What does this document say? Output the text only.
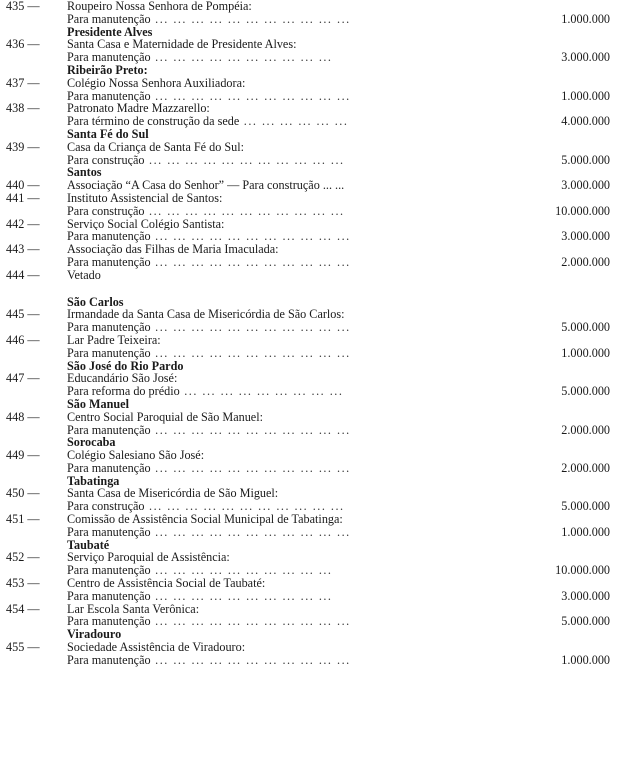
435 —	Roupeiro Nossa Senhora de Pompéia:
Para manutenção ... ... ... ... ... ... ... ... ... ... ...	1.000.000
Presidente Alves
436 —	Santa Casa e Maternidade de Presidente Alves:
Para manutenção ... ... ... ... ... ... ... ... ... ...	3.000.000
Ribeirão Preto:
437 —	Colégio Nossa Senhora Auxiliadora:
Para manutenção ... ... ... ... ... ... ... ... ... ... ...	1.000.000
438 —	Patronato Madre Mazzarello:
Para término de construção da sede ... ... ... ... ... ...	4.000.000
Santa Fé do Sul
439 —	Casa da Criança de Santa Fé do Sul:
Para construção ... ... ... ... ... ... ... ... ... ... ...	5.000.000
Santos
440 —	Associação “A Casa do Senhor” — Para construção ... ...	3.000.000
441 —	Instituto Assistencial de Santos:
Para construção ... ... ... ... ... ... ... ... ... ... ...	10.000.000
442 —	Serviço Social Colégio Santista:
Para manutenção ... ... ... ... ... ... ... ... ... ... ...	3.000.000
443 —	Associação das Filhas de Maria Imaculada:
Para manutenção ... ... ... ... ... ... ... ... ... ... ...	2.000.000
444 —	Vetado
São Carlos
445 —	Irmandade da Santa Casa de Misericórdia de São Carlos:
Para manutenção ... ... ... ... ... ... ... ... ... ... ...	5.000.000
446 —	Lar Padre Teixeira:
Para manutenção ... ... ... ... ... ... ... ... ... ... ...	1.000.000
São José do Rio Pardo
447 —	Educandário São José:
Para reforma do prédio ... ... ... ... ... ... ... ... ...	5.000.000
São Manuel
448 —	Centro Social Paroquial de São Manuel:
Para manutenção ... ... ... ... ... ... ... ... ... ... ...	2.000.000
Sorocaba
449 —	Colégio Salesiano São José:
Para manutenção ... ... ... ... ... ... ... ... ... ... ...	2.000.000
Tabatinga
450 —	Santa Casa de Misericórdia de São Miguel:
Para construção ... ... ... ... ... ... ... ... ... ... ...	5.000.000
451 —	Comissão de Assistência Social Municipal de Tabatinga:
Para manutenção ... ... ... ... ... ... ... ... ... ... ...	1.000.000
Taubaté
452 —	Serviço Paroquial de Assistência:
Para manutenção ... ... ... ... ... ... ... ... ... ...	10.000.000
453 —	Centro de Assistência Social de Taubaté:
Para manutenção ... ... ... ... ... ... ... ... ... ...	3.000.000
454 —	Lar Escola Santa Verônica:
Para manutenção ... ... ... ... ... ... ... ... ... ... ...	5.000.000
Viradouro
455 —	Sociedade Assistência de Viradouro:
Para manutenção ... ... ... ... ... ... ... ... ... ... ...	1.000.000
